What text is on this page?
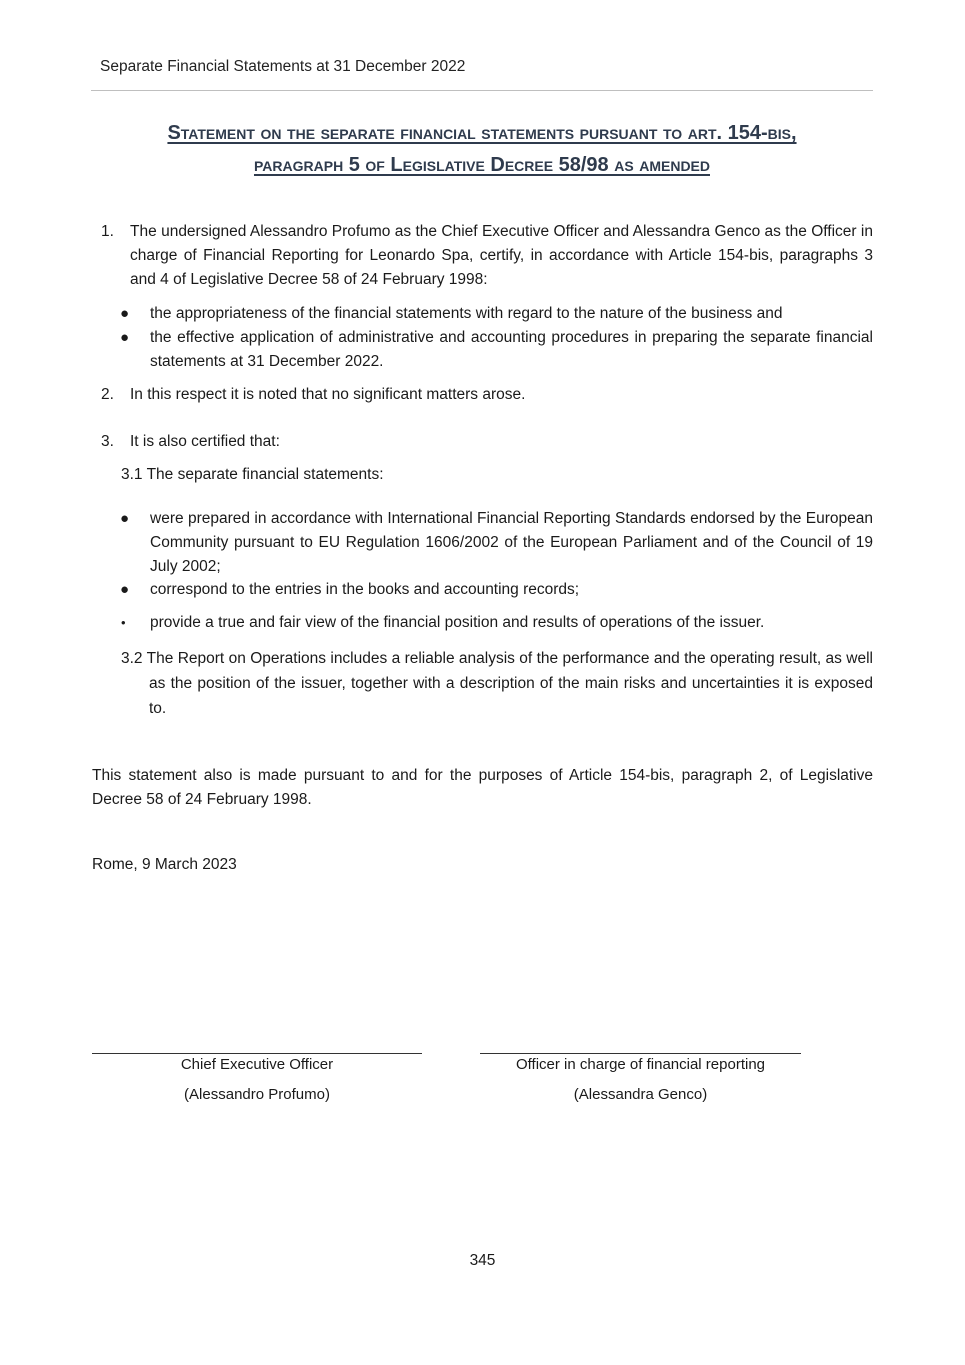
Separate Financial Statements at 31 December 2022
Statement on the separate financial statements pursuant to art. 154-bis,
paragraph 5 of Legislative Decree 58/98 as amended
1. The undersigned Alessandro Profumo as the Chief Executive Officer and Alessandra Genco as the Officer in charge of Financial Reporting for Leonardo Spa, certify, in accordance with Article 154-bis, paragraphs 3 and 4 of Legislative Decree 58 of 24 February 1998:
● the appropriateness of the financial statements with regard to the nature of the business and
● the effective application of administrative and accounting procedures in preparing the separate financial statements at 31 December 2022.
2. In this respect it is noted that no significant matters arose.
3. It is also certified that:
3.1 The separate financial statements:
● were prepared in accordance with International Financial Reporting Standards endorsed by the European Community pursuant to EU Regulation 1606/2002 of the European Parliament and of the Council of 19 July 2002;
● correspond to the entries in the books and accounting records;
• provide a true and fair view of the financial position and results of operations of the issuer.
3.2 The Report on Operations includes a reliable analysis of the performance and the operating result, as well as the position of the issuer, together with a description of the main risks and uncertainties it is exposed to.
This statement also is made pursuant to and for the purposes of Article 154-bis, paragraph 2, of Legislative Decree 58 of 24 February 1998.
Rome, 9 March 2023
Chief Executive Officer
(Alessandro Profumo)
Officer in charge of financial reporting
(Alessandra Genco)
345
